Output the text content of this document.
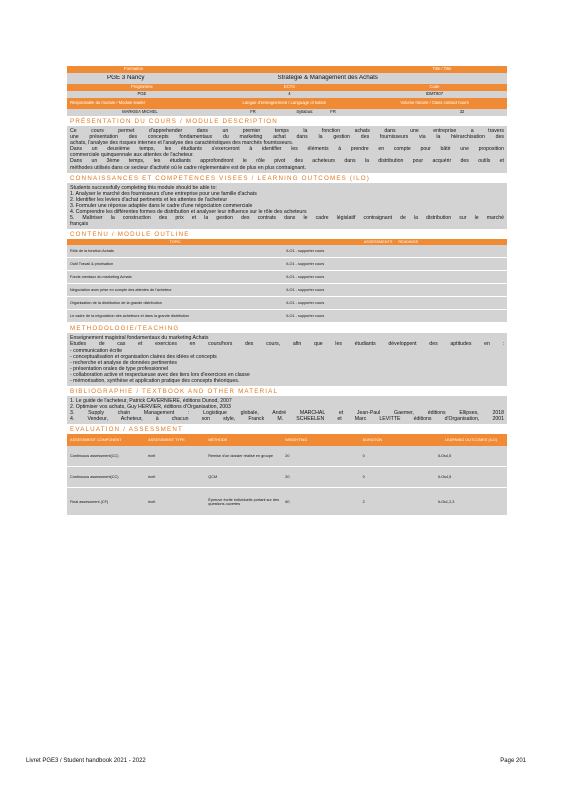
Formation	Title / Title
PGE 3 Nancy	Stratégie & Management des Achats
Programme	ECTS	Code
PGE	4	IDMT807
Responsable du module / Module leader	Langue d'enseignement / Language of tuition	Volume horaire / Class contact hours
MARKIEA MICHEL	FR	Syllabus:	FR	32
PRÉSENTATION DU COURS / MODULE DESCRIPTION
Ce cours permet d'apprehender dans un premier temps la fonction achats dans une entreprise a travers
une présentation des concepts fondamentaux du marketing achat dans la gestion des fournisseurs via la hiérarchisation des
achats, l'analyse des risques internes et l'analyse des caractéristiques des marchés fournisseurs.
Dans un deuxième temps, les étudiants s'exerceront à identifier les éléments à prendre en compte pour bâtir une proposition
commerciale quinquennale aux attentes de l'acheteur.
Dans un 3ème temps, les étudiants approfondiront le rôle pivot des acheteurs dans la distribution pour acquérir des outils et
méthodes utilisés dans ce secteur d'activité où le cadre réglementaire est de plus en plus contraignant.
CONNAISSANCES ET COMPETENCES VISEES / LEARNING OUTCOMES (ILO)
Students successfully completing this module should be able to:
1. Analyser le marché des fournisseurs d'une entreprise pour une famille d'achats
2. Identifier les leviers d'achat pertinents et les attentes de l'acheteur
3. Formuler une réponse adaptée dans le cadre d'une négociation commerciale
4. Comprendre les différentes formes de distribution et analyser leur influence sur le rôle des acheteurs
5. Maîtriser la construction des prix et la gestion des contrats dans le cadre législatif contraignant de la distribution sur le marché
français
CONTENU / MODULE OUTLINE
TOPIC	ASSESSMENTS	READINGS
Rôle de la fonction Achats	ILO1 - supporter cours	
Outil Travail & priorisation	ILO1 - supporter cours	
Fonds mentaux du marketing Achats	ILO1 - supporter cours	
Négociation avec prise en compte des attentes de l'acheteur	ILO1 - supporter cours	
Organisation de la distribution de la grande distribution	ILO1 - supporter cours	
Le cadre de la négociation des acheteurs et dans la grande distribution	ILO1 - supporter cours	
METHODOLOGIE/TEACHING
Enseignement magistral fondamentaux du marketing Achats
Études de cas et exercices en cours/hors des cours, afin que les étudiants développent des aptitudes en :
- communication écrite
- conceptualisation et organisation claires des idées et concepts
- recherche et analyse de données pertinentes
- présentation orales de type professionnel
- collaboration active et respectueuse avec des tiers lors d'exercices en classe
- mémorisation, synthèse et application pratique des concepts théoriques.
BIBLIOGRAPHIE / TEXTBOOK AND OTHER MATERIAL
1. Le guide de l'acheteur, Patrick CAVERNIERE, éditions Dunod, 2007
2. Optimiser vos achats, Guy HERVIER, éditions d'Organisation, 2003
3. Supply chain Management : Logistique globale, André MARCHAL et Jean-Paul Gaemer, éditions Ellipses, 2018
4. Vendeur, Acheteur, à chacun son style, Franck M. SCHEELEN et Marc LEVITTE éditions d'Organisation, 2001
EVALUATION / ASSESSMENT
ASSESSMENT COMPONENT	ASSESSMENT TYPE	MÉTHODE	WEIGHTING	DURATION	LEARNING OUTCOMES (ILO)
Continuous assessment(CC)	écrit	Remise d'un dossier réalisé en groupe	20	0	ILOs4,5
Continuous assessment(CC)	écrit	QCM	20	0	ILOs4,5
Final assessment (CF)	écrit	Épreuve écrite individuelle portant sur des questions ouvertes	60	2	ILOs1,2,3
Livret PGE3 / Student handbook 2021 - 2022	Page 201
